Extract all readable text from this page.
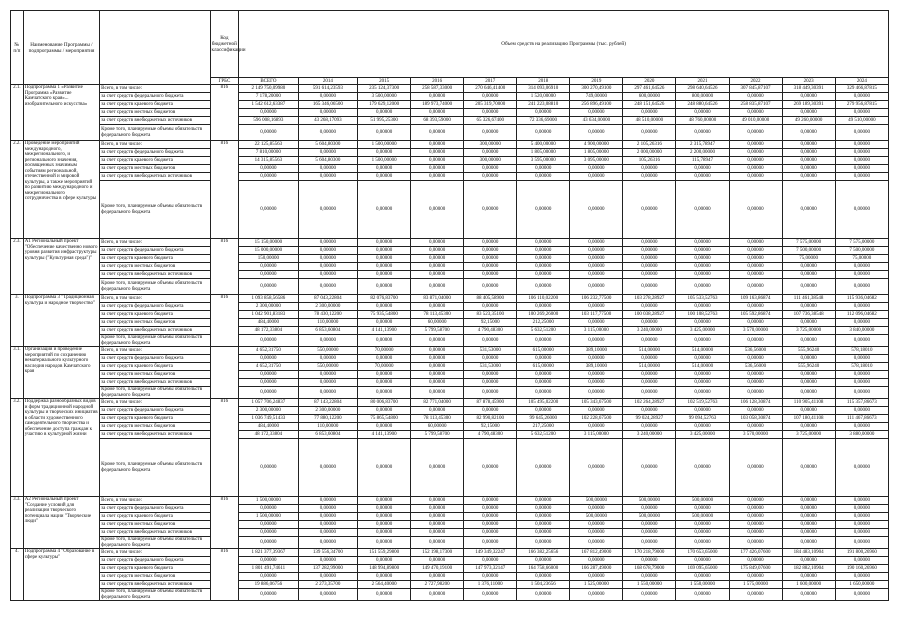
№ п/п	Наименование Программы / подпрограммы / мероприятия		Код бюджетной классификации	Объем средств на реализацию Программы (тыс. рублей)											
			ГРБС	ВСЕГО	2014	2015	2016	2017	2018	2019	2020	2021	2022	2023	2024
2.1.	Подпрограмма 1 «Развитие Программа «Развитие Камчатского края»... изобразительного искусства»	Всего, в том числе:	816	2 149 750,09980	591 614,23593	235 124,37300	258 587,33000	270 646,41400	314 093,06910	300 270,49100	297 461,64526	298 640,64526	307 845,87107	318 449,30391	329 466,87815
		за счет средств федерального бюджета		7 178,20000	0,00000	3 500,00000	0,00000	0,00000	1 520,00000	749,00000	600,00000	800,00000	0,00000	0,00000	0,00000
		за счет средств краевого бюджета		1 542 612,63387	165 346,06500	179 629,12000	189 973,74000	205 319,70000	241 223,08810	256 896,49100	248 151,64526	248 880,64526	258 835,87107	269 189,30391	279 956,87815
		за счет средств местных бюджетов		0,00000	0,00000	0,00000	0,00000	0,00000	0,00000	0,00000	0,00000	0,00000	0,00000	0,00000	0,00000
		за счет средств внебюджетных источников		596 008,16893	43 268,17093	51 995,25300	68 393,59000	65 326,67400	72 336,69000	43 634,00000	48 510,00000	48 760,00000	49 010,00000	49 260,00000	49 510,00000
		Кроме того, планируемые объемы обязательств федерального бюджета		0,00000	0,00000	0,00000	0,00000	0,00000	0,00000	0,00000	0,00000	0,00000	0,00000	0,00000	0,00000
2.2.	Проведение мероприятий международного, межрегионального, и регионального значения, посвященных значимым событиям региональной, отечественной и мировой культуры, а также мероприятий по развитию международного и межрегионального сотрудничества в сфере культуры	Всего, в том числе:	816	22 125,85563	5 604,80300	1 500,00000	0,00000	300,00000	5 400,00000	4 900,00000	2 105,26316	2 315,78947	0,00000	0,00000	0,00000
		за счет средств федерального бюджета		7 810,00000	0,00000	0,00000	0,00000	0,00000	1 805,00000	1 805,00000	2 000,00000	2 200,00000	0,00000	0,00000	0,00000
		за счет средств краевого бюджета		14 315,85563	5 604,80300	1 500,00000	0,00000	300,00000	3 595,00000	3 095,00000	105,26316	115,78947	0,00000	0,00000	0,00000
		за счет средств местных бюджетов		0,00000	0,00000	0,00000	0,00000	0,00000	0,00000	0,00000	0,00000	0,00000	0,00000	0,00000	0,00000
		за счет средств внебюджетных источников		0,00000	0,00000	0,00000	0,00000	0,00000	0,00000	0,00000	0,00000	0,00000	0,00000	0,00000	0,00000
		Кроме того, планируемые объемы обязательств федерального бюджета		0,00000	0,00000	0,00000	0,00000	0,00000	0,00000	0,00000	0,00000	0,00000	0,00000	0,00000	0,00000
2.3.	А1 Региональный проект "Обеспечение качественно нового уровня развития инфраструктуры культуры ("Культурная среда")"	Всего, в том числе:	816	15 150,00000	0,00000	0,00000	0,00000	0,00000	0,00000	0,00000	0,00000	0,00000	0,00000	7 575,00000	7 575,00000
		за счет средств федерального бюджета		15 000,00000	0,00000	0,00000	0,00000	0,00000	0,00000	0,00000	0,00000	0,00000	0,00000	7 500,00000	7 500,00000
		за счет средств краевого бюджета		150,00000	0,00000	0,00000	0,00000	0,00000	0,00000	0,00000	0,00000	0,00000	0,00000	75,00000	75,00000
		за счет средств местных бюджетов		0,00000	0,00000	0,00000	0,00000	0,00000	0,00000	0,00000	0,00000	0,00000	0,00000	0,00000	0,00000
		за счет средств внебюджетных источников		0,00000	0,00000	0,00000	0,00000	0,00000	0,00000	0,00000	0,00000	0,00000	0,00000	0,00000	0,00000
		Кроме того, планируемые объемы обязательств федерального бюджета		0,00000	0,00000	0,00000	0,00000	0,00000	0,00000	0,00000	0,00000	0,00000	0,00000	0,00000	0,00000
3.	Подпрограмма 3 "Традиционная культура и народное творчество"	Всего, в том числе:	816	1 093 858,56586	87 043,22804	82 076,83700	83 871,04000	88 405,58900	106 110,02200	106 232,77500	103 278,28927	105 533,52763	109 163,86874	111 461,38548	115 936,04682
		за счет средств федерального бюджета		2 300,00000	2 300,00000	0,00000	0,00000	0,00000	0,00000	0,00000	0,00000	0,00000	0,00000	0,00000	0,00000
		за счет средств краевого бюджета		1 042 901,83183	78 430,12200	75 935,54800	78 113,45300	83 523,35100	100 269,26000	103 117,77500	100 038,28927	100 108,52763	105 592,86874	107 736,38548	112 096,04682
		за счет средств местных бюджетов		484,40000	110,00000	0,00000	60,00000	92,15000	212,25000	0,00000	0,00000	0,00000	0,00000	0,00000	0,00000
		за счет средств внебюджетных источников		48 172,33804	6 853,60804	4 141,13900	5 799,58700	4 790,48300	5 632,51200	3 115,00000	3 240,00000	3 425,00000	3 570,00000	3 725,00000	3 840,00000
		Кроме того, планируемые объемы обязательств федерального бюджета		0,00000	0,00000	0,00000	0,00000	0,00000	0,00000	0,00000	0,00000	0,00000	0,00000	0,00000	0,00000
3.1.	Организация и проведение мероприятий по сохранению нематериального культурного наследия народов Камчатского края	Всего, в том числе:		4 652,31750	550,00000	70,00000	0,00000	531,53000	615,00000	389,10000	514,00000	514,00000	536,56000	555,96240	578,18010
		за счет средств федерального бюджета		0,00000	0,00000	0,00000	0,00000	0,00000	0,00000	0,00000	0,00000	0,00000	0,00000	0,00000	0,00000
		за счет средств краевого бюджета		4 652,31750	550,00000	70,00000	0,00000	531,53000	615,00000	389,10000	514,00000	514,00000	536,56000	555,96240	578,18010
		за счет средств местных бюджетов		0,00000	0,00000	0,00000	0,00000	0,00000	0,00000	0,00000	0,00000	0,00000	0,00000	0,00000	0,00000
		за счет средств внебюджетных источников		0,00000	0,00000	0,00000	0,00000	0,00000	0,00000	0,00000	0,00000	0,00000	0,00000	0,00000	0,00000
		Кроме того, планируемые объемы обязательств федерального бюджета		0,00000	0,00000	0,00000	0,00000	0,00000	0,00000	0,00000	0,00000	0,00000	0,00000	0,00000	0,00000
3.2.	Поддержка разнообразных видов и форм традиционной народной культуры и творческих инициатив в области художественного самодеятельного творчества и обеспечение доступа граждан к участию в культурной жизни	Всего, в том числе:	816	1 057 706,24837	87 143,22804	80 006,83700	82 771,04000	87 878,45900	105 495,02200	105 343,67500	102 264,28927	102 519,52763	106 128,30874	110 905,41108	115 357,86673
		за счет средств федерального бюджета		2 300,00000	2 300,00000	0,00000	0,00000	0,00000	0,00000	0,00000	0,00000	0,00000	0,00000	0,00000	0,00000
		за счет средств краевого бюджета		1 036 749,51433	77 880,12200	75 865,54800	78 113,45300	82 990,82100	99 645,26000	102 228,67500	99 024,28927	99 094,52763	103 058,30874	107 180,41108	111 467,86673
		за счет средств местных бюджетов		484,40000	110,00000	0,00000	60,00000	92,15000	217,25000	0,00000	0,00000	0,00000	0,00000	0,00000	0,00000
		за счет средств внебюджетных источников		48 172,33804	6 853,60804	4 141,13900	5 799,58700	4 790,48300	5 632,51200	3 115,00000	3 240,00000	3 425,00000	3 570,00000	3 725,00000	3 880,00000
		Кроме того, планируемые объемы обязательств федерального бюджета		0,00000	0,00000	0,00000	0,00000	0,00000	0,00000	0,00000	0,00000	0,00000	0,00000	0,00000	0,00000
3.3.	А2 Региональный проект "Создание условий для реализации творческого потенциала нации "Творческие люди"	Всего, в том числе:	816	1 500,00000	0,00000	0,00000	0,00000	0,00000	0,00000	500,00000	500,00000	500,00000	0,00000	0,00000	0,00000
		за счет средств федерального бюджета		0,00000	0,00000	0,00000	0,00000	0,00000	0,00000	0,00000	0,00000	0,00000	0,00000	0,00000	0,00000
		за счет средств краевого бюджета		1 500,00000	0,00000	0,00000	0,00000	0,00000	0,00000	500,00000	500,00000	500,00000	0,00000	0,00000	0,00000
		за счет средств местных бюджетов		0,00000	0,00000	0,00000	0,00000	0,00000	0,00000	0,00000	0,00000	0,00000	0,00000	0,00000	0,00000
		за счет средств внебюджетных источников		0,00000	0,00000	0,00000	0,00000	0,00000	0,00000	0,00000	0,00000	0,00000	0,00000	0,00000	0,00000
		Кроме того, планируемые объемы обязательств федерального бюджета		0,00000	0,00000	0,00000	0,00000	0,00000	0,00000	0,00000	0,00000	0,00000	0,00000	0,00000	0,00000
4.	Подпрограмма 4 "Образование в сфере культуры"	Всего, в том числе:	816	1 821 377,39367	139 556,34700	151 559,29800	152 198,17300	149 349,32247	166 382,25656	167 812,49000	170 218,79000	170 653,65000	177 426,07600	184 483,10904	191 800,26960
		за счет средств федерального бюджета		0,00000	0,00000	0,00000	0,00000	0,00000	0,00000	0,00000	0,00000	0,00000	0,00000	0,00000	0,00000
		за счет средств краевого бюджета		1 801 491,74611	137 282,99000	148 994,89800	149 470,19100	147 973,32147	164 758,66000	166 287,49000	168 678,79000	169 095,65000	175 849,07600	182 882,10904	190 160,26960
		за счет средств местных бюджетов		0,00000	0,00000	0,00000	0,00000	0,00000	0,00000	0,00000	0,00000	0,00000	0,00000	0,00000	0,00000
		за счет средств внебюджетных источников		19 886,06756	2 273,35700	2 564,40000	2 727,98200	1 376,11000	1 504,23656	1 525,00000	1 550,00000	1 550,00000	1 575,00000	1 600,00000	1 650,00000
		Кроме того, планируемые объемы обязательств федерального бюджета		0,00000	0,00000	0,00000	0,00000	0,00000	0,00000	0,00000	0,00000	0,00000	0,00000	0,00000	0,00000
